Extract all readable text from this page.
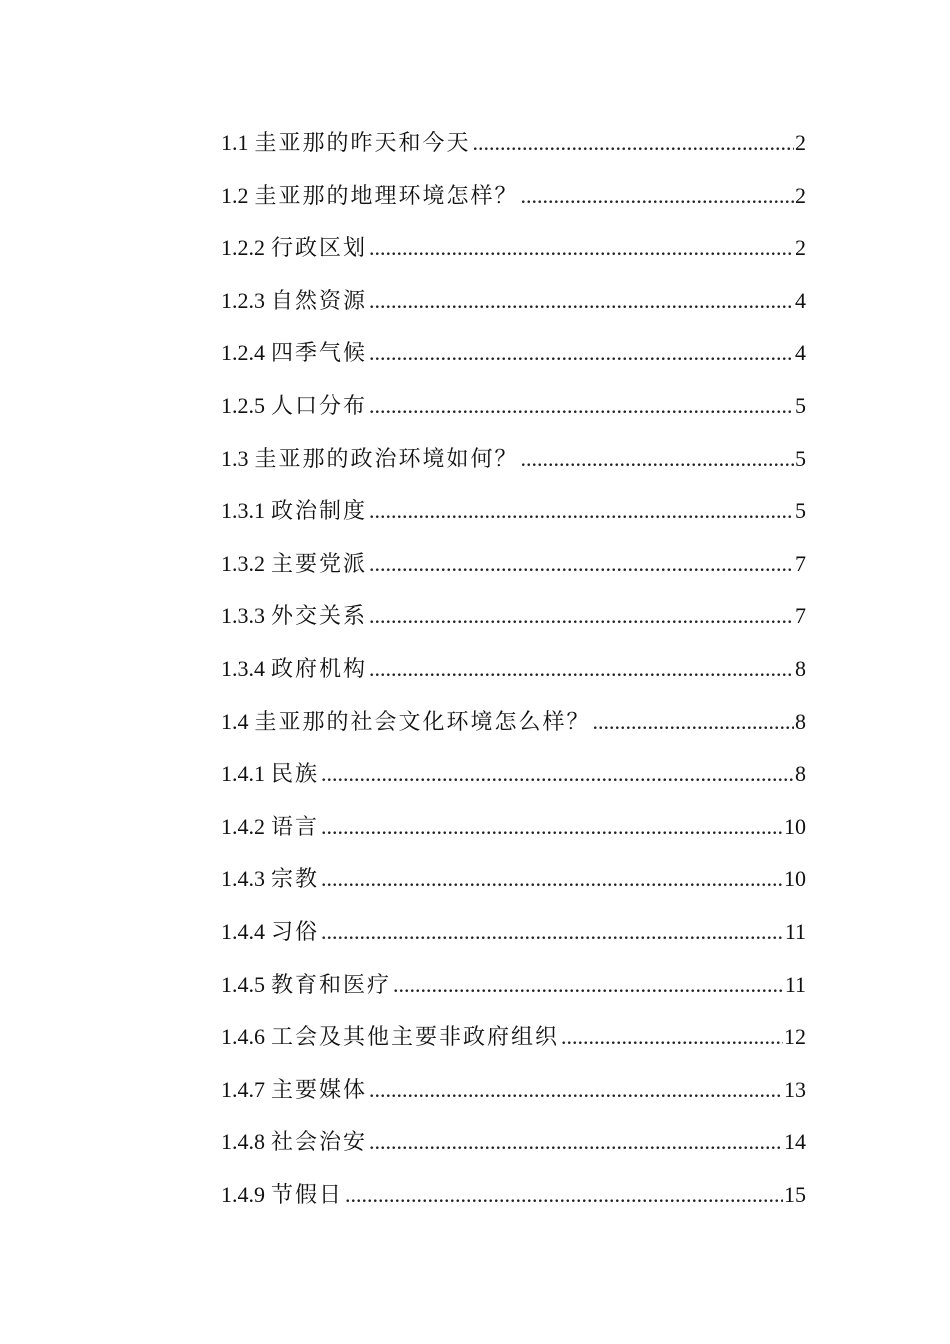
1.1 圭亚那的昨天和今天 .....	2
1.2 圭亚那的地理环境怎样？ .....	2
1.2.2 行政区划 .....	2
1.2.3 自然资源 .....	4
1.2.4 四季气候 .....	4
1.2.5 人口分布 .....	5
1.3 圭亚那的政治环境如何？ .....	5
1.3.1 政治制度 .....	5
1.3.2 主要党派 .....	7
1.3.3 外交关系 .....	7
1.3.4 政府机构 .....	8
1.4 圭亚那的社会文化环境怎么样？ .....	8
1.4.1 民族 .....	8
1.4.2 语言 .....	10
1.4.3 宗教 .....	10
1.4.4 习俗 .....	11
1.4.5 教育和医疗 .....	11
1.4.6 工会及其他主要非政府组织 .....	12
1.4.7 主要媒体 .....	13
1.4.8 社会治安 .....	14
1.4.9 节假日 .....	15
